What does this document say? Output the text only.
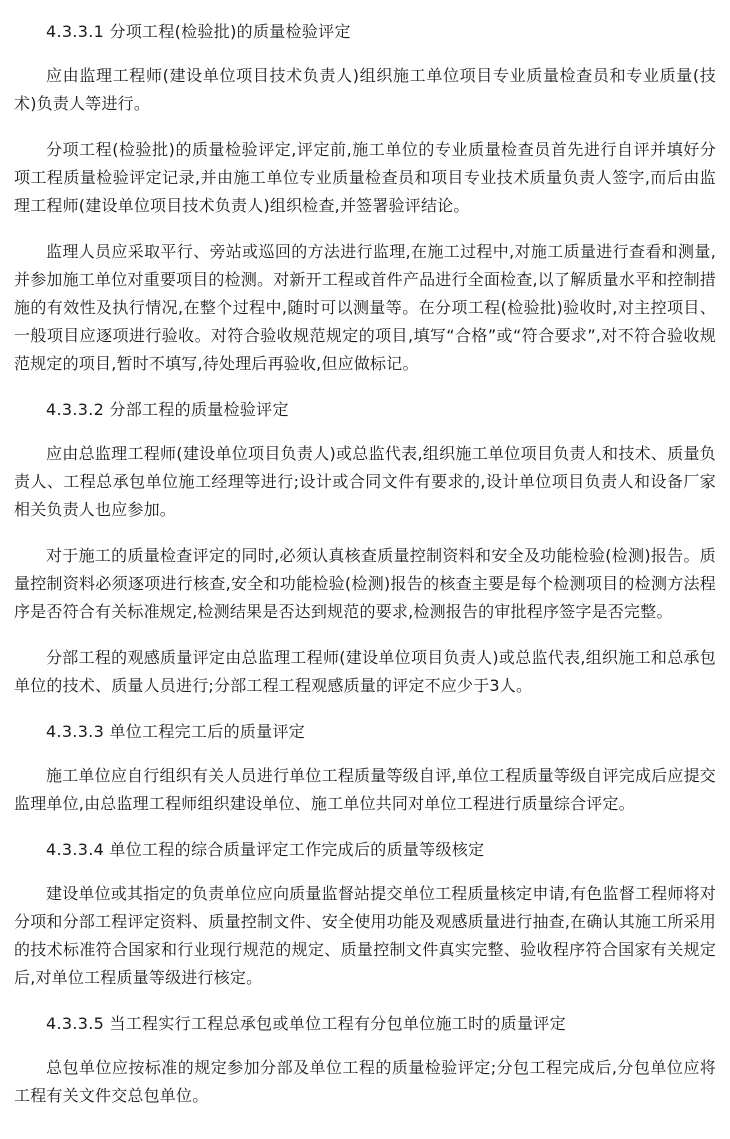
4.3.3.1 分项工程(检验批)的质量检验评定

应由监理工程师(建设单位项目技术负责人)组织施工单位项目专业质量检查员和专业质量(技术)负责人等进行。

分项工程(检验批)的质量检验评定,评定前,施工单位的专业质量检查员首先进行自评并填好分项工程质量检验评定记录,并由施工单位专业质量检查员和项目专业技术质量负责人签字,而后由监理工程师(建设单位项目技术负责人)组织检查,并签署验评结论。

监理人员应采取平行、旁站或巡回的方法进行监理,在施工过程中,对施工质量进行查看和测量,并参加施工单位对重要项目的检测。对新开工程或首件产品进行全面检查,以了解质量水平和控制措施的有效性及执行情况,在整个过程中,随时可以测量等。在分项工程(检验批)验收时,对主控项目、一般项目应逐项进行验收。对符合验收规范规定的项目,填写“合格”或“符合要求”,对不符合验收规范规定的项目,暂时不填写,待处理后再验收,但应做标记。

4.3.3.2 分部工程的质量检验评定

应由总监理工程师(建设单位项目负责人)或总监代表,组织施工单位项目负责人和技术、质量负责人、工程总承包单位施工经理等进行;设计或合同文件有要求的,设计单位项目负责人和设备厂家相关负责人也应参加。

对于施工的质量检查评定的同时,必须认真核查质量控制资料和安全及功能检验(检测)报告。质量控制资料必须逐项进行核查,安全和功能检验(检测)报告的核查主要是每个检测项目的检测方法程序是否符合有关标准规定,检测结果是否达到规范的要求,检测报告的审批程序签字是否完整。

分部工程的观感质量评定由总监理工程师(建设单位项目负责人)或总监代表,组织施工和总承包单位的技术、质量人员进行;分部工程工程观感质量的评定不应少于3人。

4.3.3.3 单位工程完工后的质量评定

施工单位应自行组织有关人员进行单位工程质量等级自评,单位工程质量等级自评完成后应提交监理单位,由总监理工程师组织建设单位、施工单位共同对单位工程进行质量综合评定。

4.3.3.4 单位工程的综合质量评定工作完成后的质量等级核定

建设单位或其指定的负责单位应向质量监督站提交单位工程质量核定申请,有色监督工程师将对分项和分部工程评定资料、质量控制文件、安全使用功能及观感质量进行抽查,在确认其施工所采用的技术标准符合国家和行业现行规范的规定、质量控制文件真实完整、验收程序符合国家有关规定后,对单位工程质量等级进行核定。

4.3.3.5 当工程实行工程总承包或单位工程有分包单位施工时的质量评定

总包单位应按标准的规定参加分部及单位工程的质量检验评定;分包工程完成后,分包单位应将工程有关文件交总包单位。
